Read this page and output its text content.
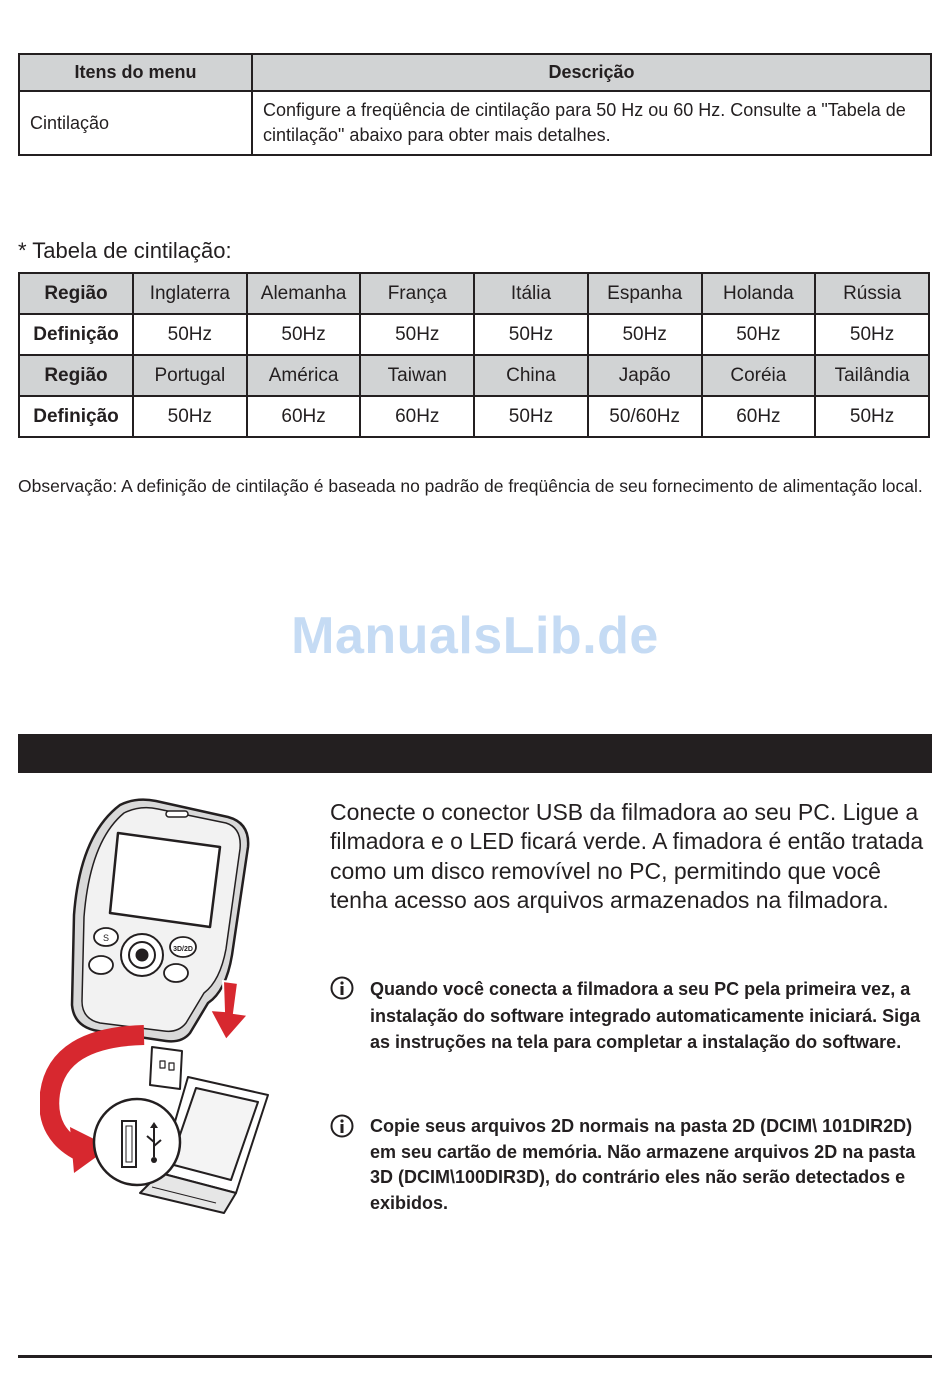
Itens do menu	Descrição
Cintilação	Configure a freqüência de cintilação para 50 Hz ou 60 Hz. Consulte a "Tabela de cintilação" abaixo para obter mais detalhes.
* Tabela de cintilação:
Região	Inglaterra	Alemanha	França	Itália	Espanha	Holanda	Rússia
Definição	50Hz	50Hz	50Hz	50Hz	50Hz	50Hz	50Hz
Região	Portugal	América	Taiwan	China	Japão	Coréia	Tailândia
Definição	50Hz	60Hz	60Hz	50Hz	50/60Hz	60Hz	50Hz

Observação: A definição de cintilação é baseada no padrão de freqüência de seu fornecimento de alimentação local.

ManualsLib.de
S
3D/2D

Conecte o conector USB da filmadora ao seu PC. Ligue a filmadora e o LED ficará verde. A fimadora é então tratada como um disco removível no PC, permitindo que você tenha acesso aos arquivos armazenados na filmadora.

Quando você conecta a filmadora a seu PC pela primeira vez, a instalação do software integrado automaticamente iniciará. Siga as instruções na tela para completar a instalação do software.

Copie seus arquivos 2D normais na pasta 2D (DCIM\ 101DIR2D) em seu cartão de memória. Não armazene arquivos 2D na pasta 3D (DCIM\100DIR3D), do contrário eles não serão detectados e exibidos.
